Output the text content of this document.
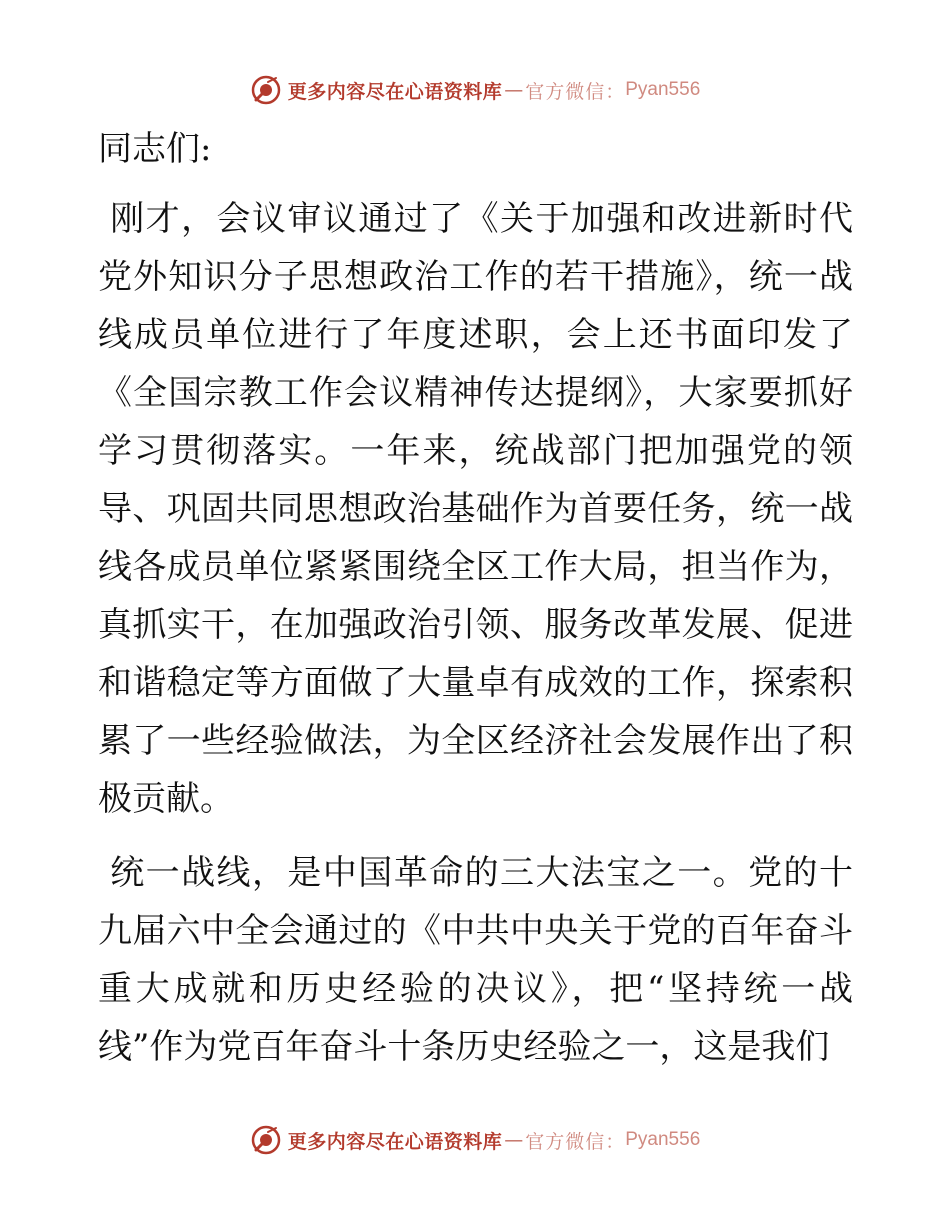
更多内容尽在心语资料库 — 官方微信： Pyan556

同志们:

刚才，会议审议通过了《关于加强和改进新时代党外知识分子思想政治工作的若干措施》，统一战线成员单位进行了年度述职，会上还书面印发了《全国宗教工作会议精神传达提纲》，大家要抓好学习贯彻落实。一年来，统战部门把加强党的领导、巩固共同思想政治基础作为首要任务，统一战线各成员单位紧紧围绕全区工作大局，担当作为，真抓实干，在加强政治引领、服务改革发展、促进和谐稳定等方面做了大量卓有成效的工作，探索积累了一些经验做法，为全区经济社会发展作出了积极贡献。

统一战线，是中国革命的三大法宝之一。党的十九届六中全会通过的《中共中央关于党的百年奋斗重大成就和历史经验的决议》，把“坚持统一战线”作为党百年奋斗十条历史经验之一，这是我们

更多内容尽在心语资料库 — 官方微信： Pyan556
